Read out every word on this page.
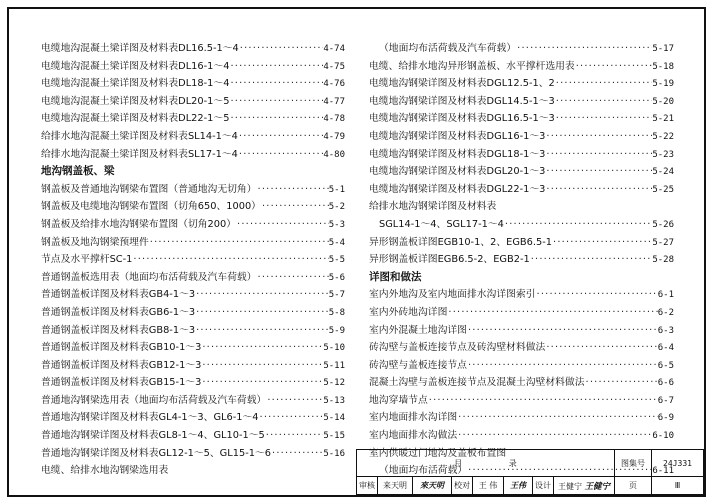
电缆地沟混凝土梁详图及材料表DL16.5-1～4 ·····	4-74
电缆地沟混凝土梁详图及材料表DL16-1～4 ·····	4-75
电缆地沟混凝土梁详图及材料表DL18-1～4 ·····	4-76
电缆地沟混凝土梁详图及材料表DL20-1～5 ·····	4-77
电缆地沟混凝土梁详图及材料表DL22-1～5 ·····	4-78
给排水地沟混凝土梁详图及材料表SL14-1～4 ·····	4-79
给排水地沟混凝土梁详图及材料表SL17-1～4 ·····	4-80
地沟钢盖板、梁
钢盖板及普通地沟钢梁布置图（普通地沟无切角） ·····	5-1
钢盖板及电缆地沟钢梁布置图（切角650、1000） ·····	5-2
钢盖板及给排水地沟钢梁布置图（切角200） ·····	5-3
钢盖板及地沟钢梁预埋件 ·····	5-4
节点及水平撑杆SC-1 ·····	5-5
普通钢盖板选用表（地面均布活荷载及汽车荷载） ·····	5-6
普通钢盖板详图及材料表GB4-1～3 ·····	5-7
普通钢盖板详图及材料表GB6-1～3 ·····	5-8
普通钢盖板详图及材料表GB8-1～3 ·····	5-9
普通钢盖板详图及材料表GB10-1～3 ·····	5-10
普通钢盖板详图及材料表GB12-1～3 ·····	5-11
普通钢盖板详图及材料表GB15-1～3 ·····	5-12
普通地沟钢梁选用表（地面均布活荷载及汽车荷载） ·····	5-13
普通地沟钢梁详图及材料表GL4-1～3、GL6-1～4 ·····	5-14
普通地沟钢梁详图及材料表GL8-1～4、GL10-1～5 ·····	5-15
普通地沟钢梁详图及材料表GL12-1～5、GL15-1～6 ·····	5-16
电缆、给排水地沟钢梁选用表
（地面均布活荷载及汽车荷载） ·····	5-17
电缆、给排水地沟异形钢盖板、水平撑杆选用表 ·····	5-18
电缆地沟钢梁详图及材料表DGL12.5-1、2 ·····	5-19
电缆地沟钢梁详图及材料表DGL14.5-1～3 ·····	5-20
电缆地沟钢梁详图及材料表DGL16.5-1～3 ·····	5-21
电缆地沟钢梁详图及材料表DGL16-1～3 ·····	5-22
电缆地沟钢梁详图及材料表DGL18-1～3 ·····	5-23
电缆地沟钢梁详图及材料表DGL20-1～3 ·····	5-24
电缆地沟钢梁详图及材料表DGL22-1～3 ·····	5-25
给排水地沟钢梁详图及材料表
SGL14-1～4、SGL17-1～4 ·····	5-26
异形钢盖板详图EGB10-1、2、EGB6.5-1 ·····	5-27
异形钢盖板详图EGB6.5-2、EGB2-1 ·····	5-28
详图和做法
室内外地沟及室内地面排水沟详图索引 ·····	6-1
室内外砖地沟详图 ·····	6-2
室内外混凝土地沟详图 ·····	6-3
砖沟壁与盖板连接节点及砖沟壁材料做法 ·····	6-4
砖沟壁与盖板连接节点 ·····	6-5
混凝土沟壁与盖板连接节点及混凝土沟壁材料做法 ·····	6-6
地沟穿墙节点 ·····	6-7
室内地面排水沟详图 ·····	6-9
室内地面排水沟做法 ·····	6-10
室内供暖过门地沟及盖板布置图
（地面均布活荷载） ·····	6-11
目 录								图集号	24J331
审核	来天明	來天明	校对	王 伟	王伟	设计	王健宁 王健宁	页	Ⅲ
